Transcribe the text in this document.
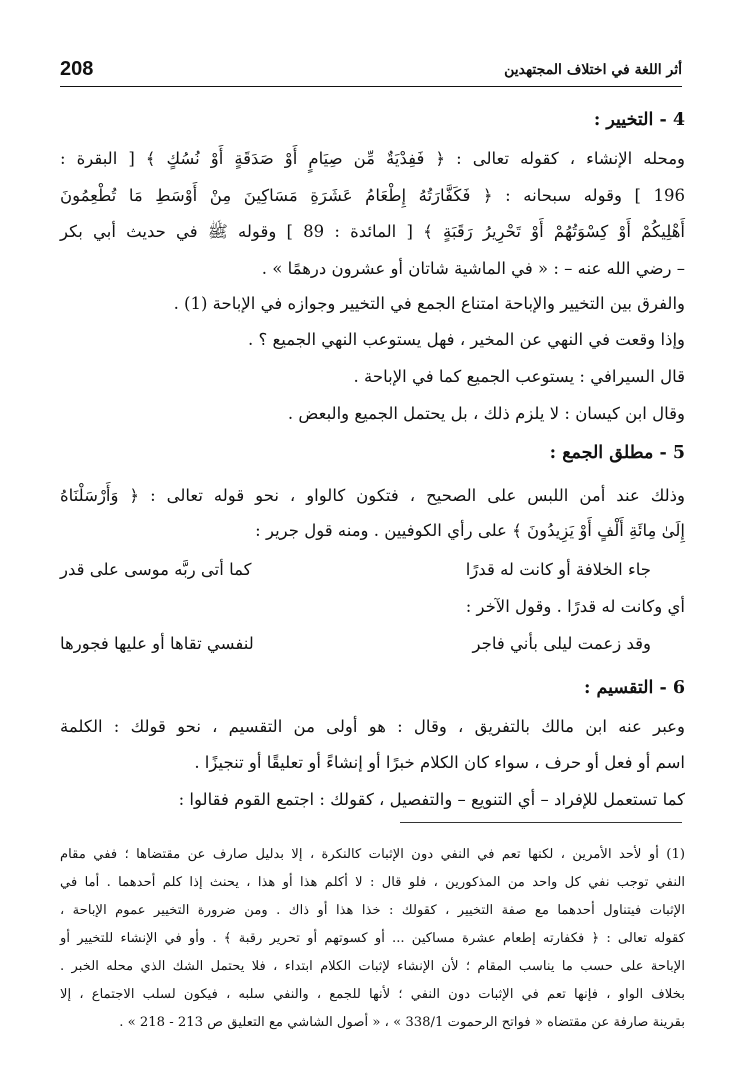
208	أثر اللغة في اختلاف المجتهدين
4 - التخيير :
ومحله الإنشاء ، كقوله تعالى : ﴿ فَفِدْيَةٌ مِّن صِيَامٍ أَوْ صَدَقَةٍ أَوْ نُسُكٍ ﴾ [ البقرة :
196 ] وقوله سبحانه : ﴿ فَكَفَّارَتُهُ إِطْعَامُ عَشَرَةِ مَسَاكِينَ مِنْ أَوْسَطِ مَا تُطْعِمُونَ
أَهْلِيكُمْ أَوْ كِسْوَتُهُمْ أَوْ تَحْرِيرُ رَقَبَةٍ ﴾ [ المائدة : 89 ] وقوله ﷺ في حديث أبي بكر
– رضي الله عنه – : « في الماشية شاتان أو عشرون درهمًا » .
والفرق بين التخيير والإباحة امتناع الجمع في التخيير وجوازه في الإباحة (1) .
وإذا وقعت في النهي عن المخير ، فهل يستوعب النهي الجميع ؟ .
قال السيرافي : يستوعب الجميع كما في الإباحة .
وقال ابن كيسان : لا يلزم ذلك ، بل يحتمل الجميع والبعض .
5 - مطلق الجمع :
وذلك عند أمن اللبس على الصحيح ، فتكون كالواو ، نحو قوله تعالى : ﴿ وَأَرْسَلْنَاهُ
إِلَىٰ مِائَةِ أَلْفٍ أَوْ يَزِيدُونَ ﴾ على رأي الكوفيين . ومنه قول جرير :
جاء الخلافة أو كانت له قدرًا
كما أتى ربَّه موسى على قدر
أي وكانت له قدرًا . وقول الآخر :
وقد زعمت ليلى بأني فاجر
لنفسي تقاها أو عليها فجورها
6 - التقسيم :
وعبر عنه ابن مالك بالتفريق ، وقال : هو أولى من التقسيم ، نحو قولك : الكلمة
اسم أو فعل أو حرف ، سواء كان الكلام خبرًا أو إنشاءً أو تعليقًا أو تنجيزًا .
كما تستعمل للإفراد – أي التنويع – والتفصيل ، كقولك : اجتمع القوم فقالوا :
(1) أو لأحد الأمرين ، لكنها تعم في النفي دون الإثبات كالنكرة ، إلا بدليل صارف عن مقتضاها ؛ ففي مقام
النفي توجب نفي كل واحد من المذكورين ، فلو قال : لا أكلم هذا أو هذا ، يحنث إذا كلم أحدهما . أما في
الإثبات فيتناول أحدهما مع صفة التخيير ، كقولك : خذا هذا أو ذاك . ومن ضرورة التخيير عموم الإباحة ،
كقوله تعالى : ﴿ فكفارته إطعام عشرة مساكين ... أو كسوتهم أو تحرير رقبة ﴾ . وأو في الإنشاء للتخيير أو
الإباحة على حسب ما يناسب المقام ؛ لأن الإنشاء لإثبات الكلام ابتداء ، فلا يحتمل الشك الذي محله الخبر .
بخلاف الواو ، فإنها تعم في الإثبات دون النفي ؛ لأنها للجمع ، والنفي سلبه ، فيكون لسلب الاجتماع ، إلا
بقرينة صارفة عن مقتضاه « فواتح الرحموت 338/1 » ، « أصول الشاشي مع التعليق ص 213 - 218 » .
